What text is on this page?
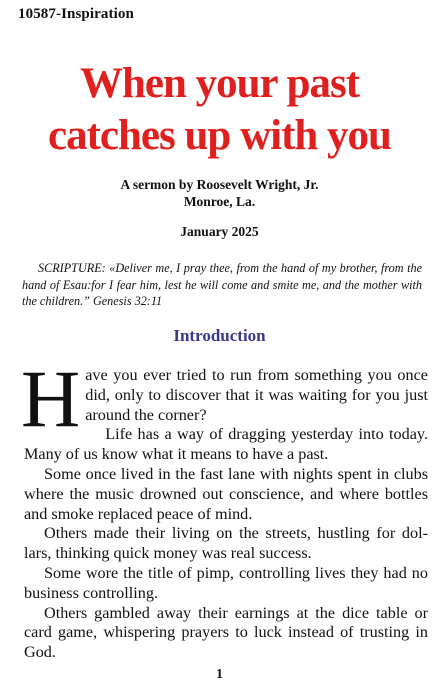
10587-Inspiration
When your past
catches up with you
A sermon by Roosevelt Wright, Jr.
Monroe, La.
January 2025
SCRIPTURE: «Deliver me, I pray thee, from the hand of my brother, from the hand of Esau:for I fear him, lest he will come and smite me, and the mother with the children.” Genesis 32:11
Introduction

Have you ever tried to run from something you once did, only to discover that it was waiting for you just around the corner?

Life has a way of dragging yesterday into today. Many of us know what it means to have a past.

Some once lived in the fast lane with nights spent in clubs where the music drowned out conscience, and where bottles and smoke replaced peace of mind.

Others made their living on the streets, hustling for dol-lars, thinking quick money was real success.

Some wore the title of pimp, controlling lives they had no business controlling.

Others gambled away their earnings at the dice table or card game, whispering prayers to luck instead of trusting in God.

1
